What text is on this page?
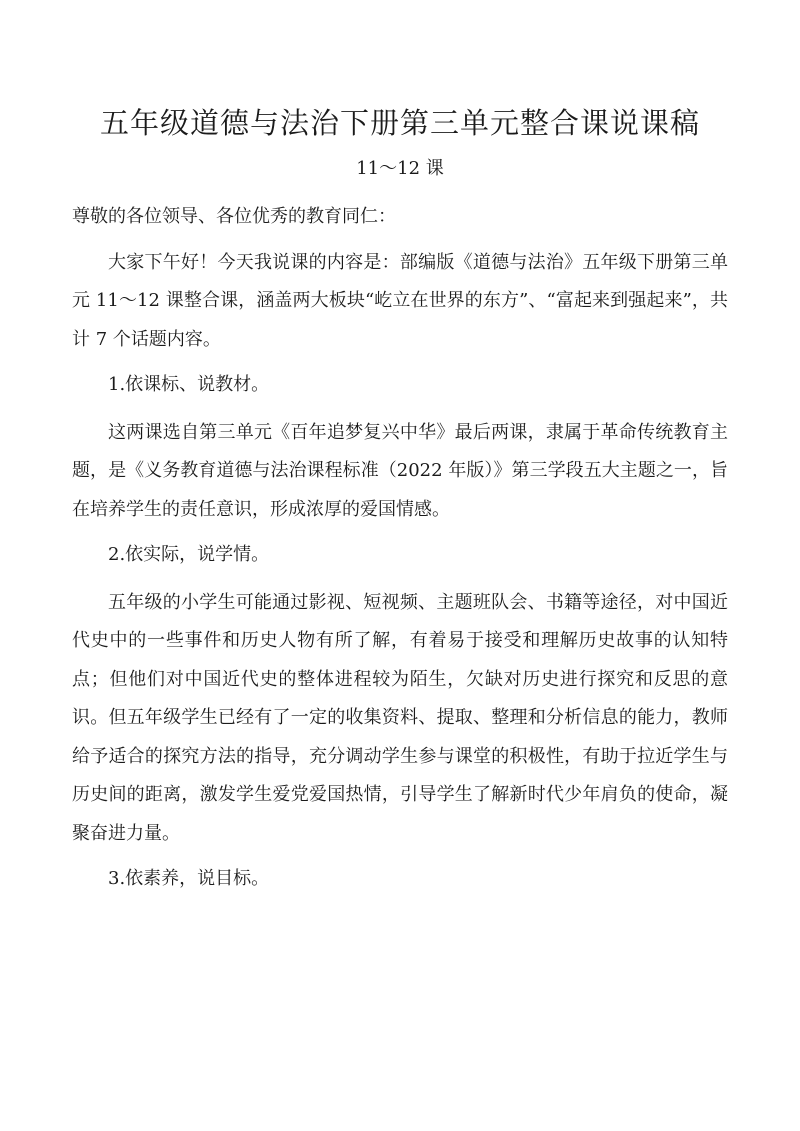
五年级道德与法治下册第三单元整合课说课稿

11～12 课

尊敬的各位领导、各位优秀的教育同仁：

大家下午好！今天我说课的内容是：部编版《道德与法治》五年级下册第三单元 11～12 课整合课，涵盖两大板块“屹立在世界的东方”、“富起来到强起来”，共计 7 个话题内容。

1.依课标、说教材。

这两课选自第三单元《百年追梦复兴中华》最后两课，隶属于革命传统教育主题，是《义务教育道德与法治课程标准（2022 年版）》第三学段五大主题之一，旨在培养学生的责任意识，形成浓厚的爱国情感。

2.依实际，说学情。

五年级的小学生可能通过影视、短视频、主题班队会、书籍等途径，对中国近代史中的一些事件和历史人物有所了解，有着易于接受和理解历史故事的认知特点；但他们对中国近代史的整体进程较为陌生，欠缺对历史进行探究和反思的意识。但五年级学生已经有了一定的收集资料、提取、整理和分析信息的能力，教师给予适合的探究方法的指导，充分调动学生参与课堂的积极性，有助于拉近学生与历史间的距离，激发学生爱党爱国热情，引导学生了解新时代少年肩负的使命，凝聚奋进力量。

3.依素养，说目标。
